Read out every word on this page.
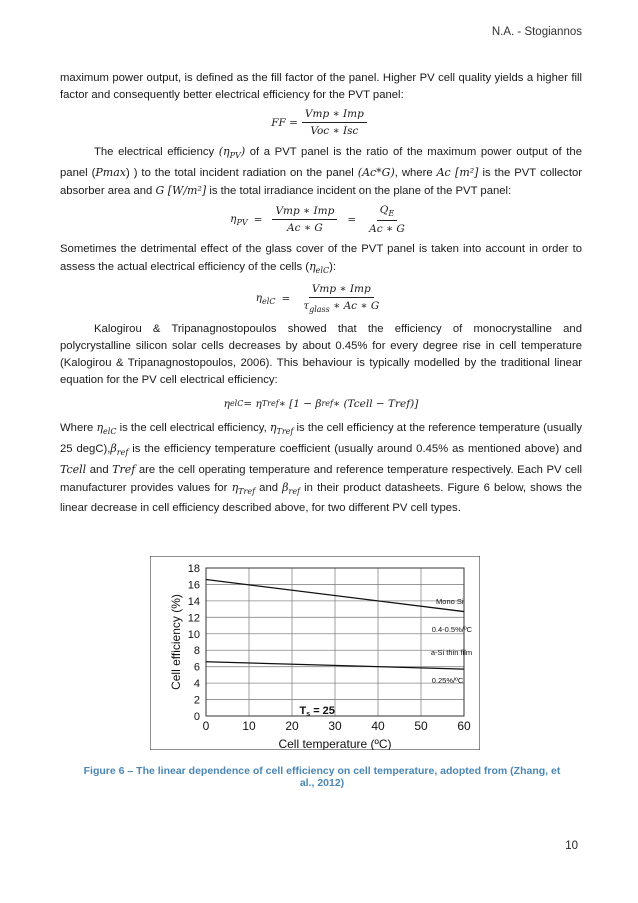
N.A. - Stogiannos

maximum power output, is defined as the fill factor of the panel. Higher PV cell quality yields a higher fill factor and consequently better electrical efficiency for the PVT panel:

FF = $\frac{\text{Vmp ∗ Imp}}{\text{Voc ∗ Isc}}$

The electrical efficiency $(\eta_{PV})$ of a PVT panel is the ratio of the maximum power output of the panel (Pmax) ) to the total incident radiation on the panel (Ac*G), where Ac [m²] is the PVT collector absorber area and G [W/m²] is the total irradiance incident on the plane of the PVT panel:

$\eta_{PV} = \frac{\text{Vmp ∗ Imp}}{Ac ∗ G} = \frac{Q_E}{Ac ∗ G}$

Sometimes the detrimental effect of the glass cover of the PVT panel is taken into account in order to assess the actual electrical efficiency of the cells $(\eta_{elC})$:

$\eta_{elC} = \frac{\text{Vmp ∗ Imp}}{\tau_{glass} ∗ Ac ∗ G}$

Kalogirou & Tripanagnostopoulos showed that the efficiency of monocrystalline and polycrystalline silicon solar cells decreases by about 0.45% for every degree rise in cell temperature (Kalogirou & Tripanagnostopoulos, 2006). This behaviour is typically modelled by the traditional linear equation for the PV cell electrical efficiency:

η elC = η Tref ∗ [1 − β ref ∗ (Tcell − Tref)]

Where $\eta_{elC}$ is the cell electrical efficiency, $\eta_{Tref}$ is the cell efficiency at the reference temperature (usually 25 $degC),\beta_{ref}$ is the efficiency temperature coefficient (usually around 0.45% as mentioned above) and Tcell and Tref are the cell operating temperature and reference temperature respectively. Each PV cell manufacturer provides values for $\eta_{Tref}$ and $\beta_{ref}$ in their product datasheets. Figure 6 below, shows the linear decrease in cell efficiency described above, for two different PV cell types.

0
2
4
6
8
10
12
14
16
18
0	10 20 30 40 50 60
Cell temperature (ºC)
Cell efficiency (%)	Mono Si
0.4-0.5%/ºC
a-Si thin film
0.25%/ºC
Ts = 25
Figure 6 – The linear dependence of cell efficiency on cell temperature, adopted from (Zhang, et al., 2012)
10
